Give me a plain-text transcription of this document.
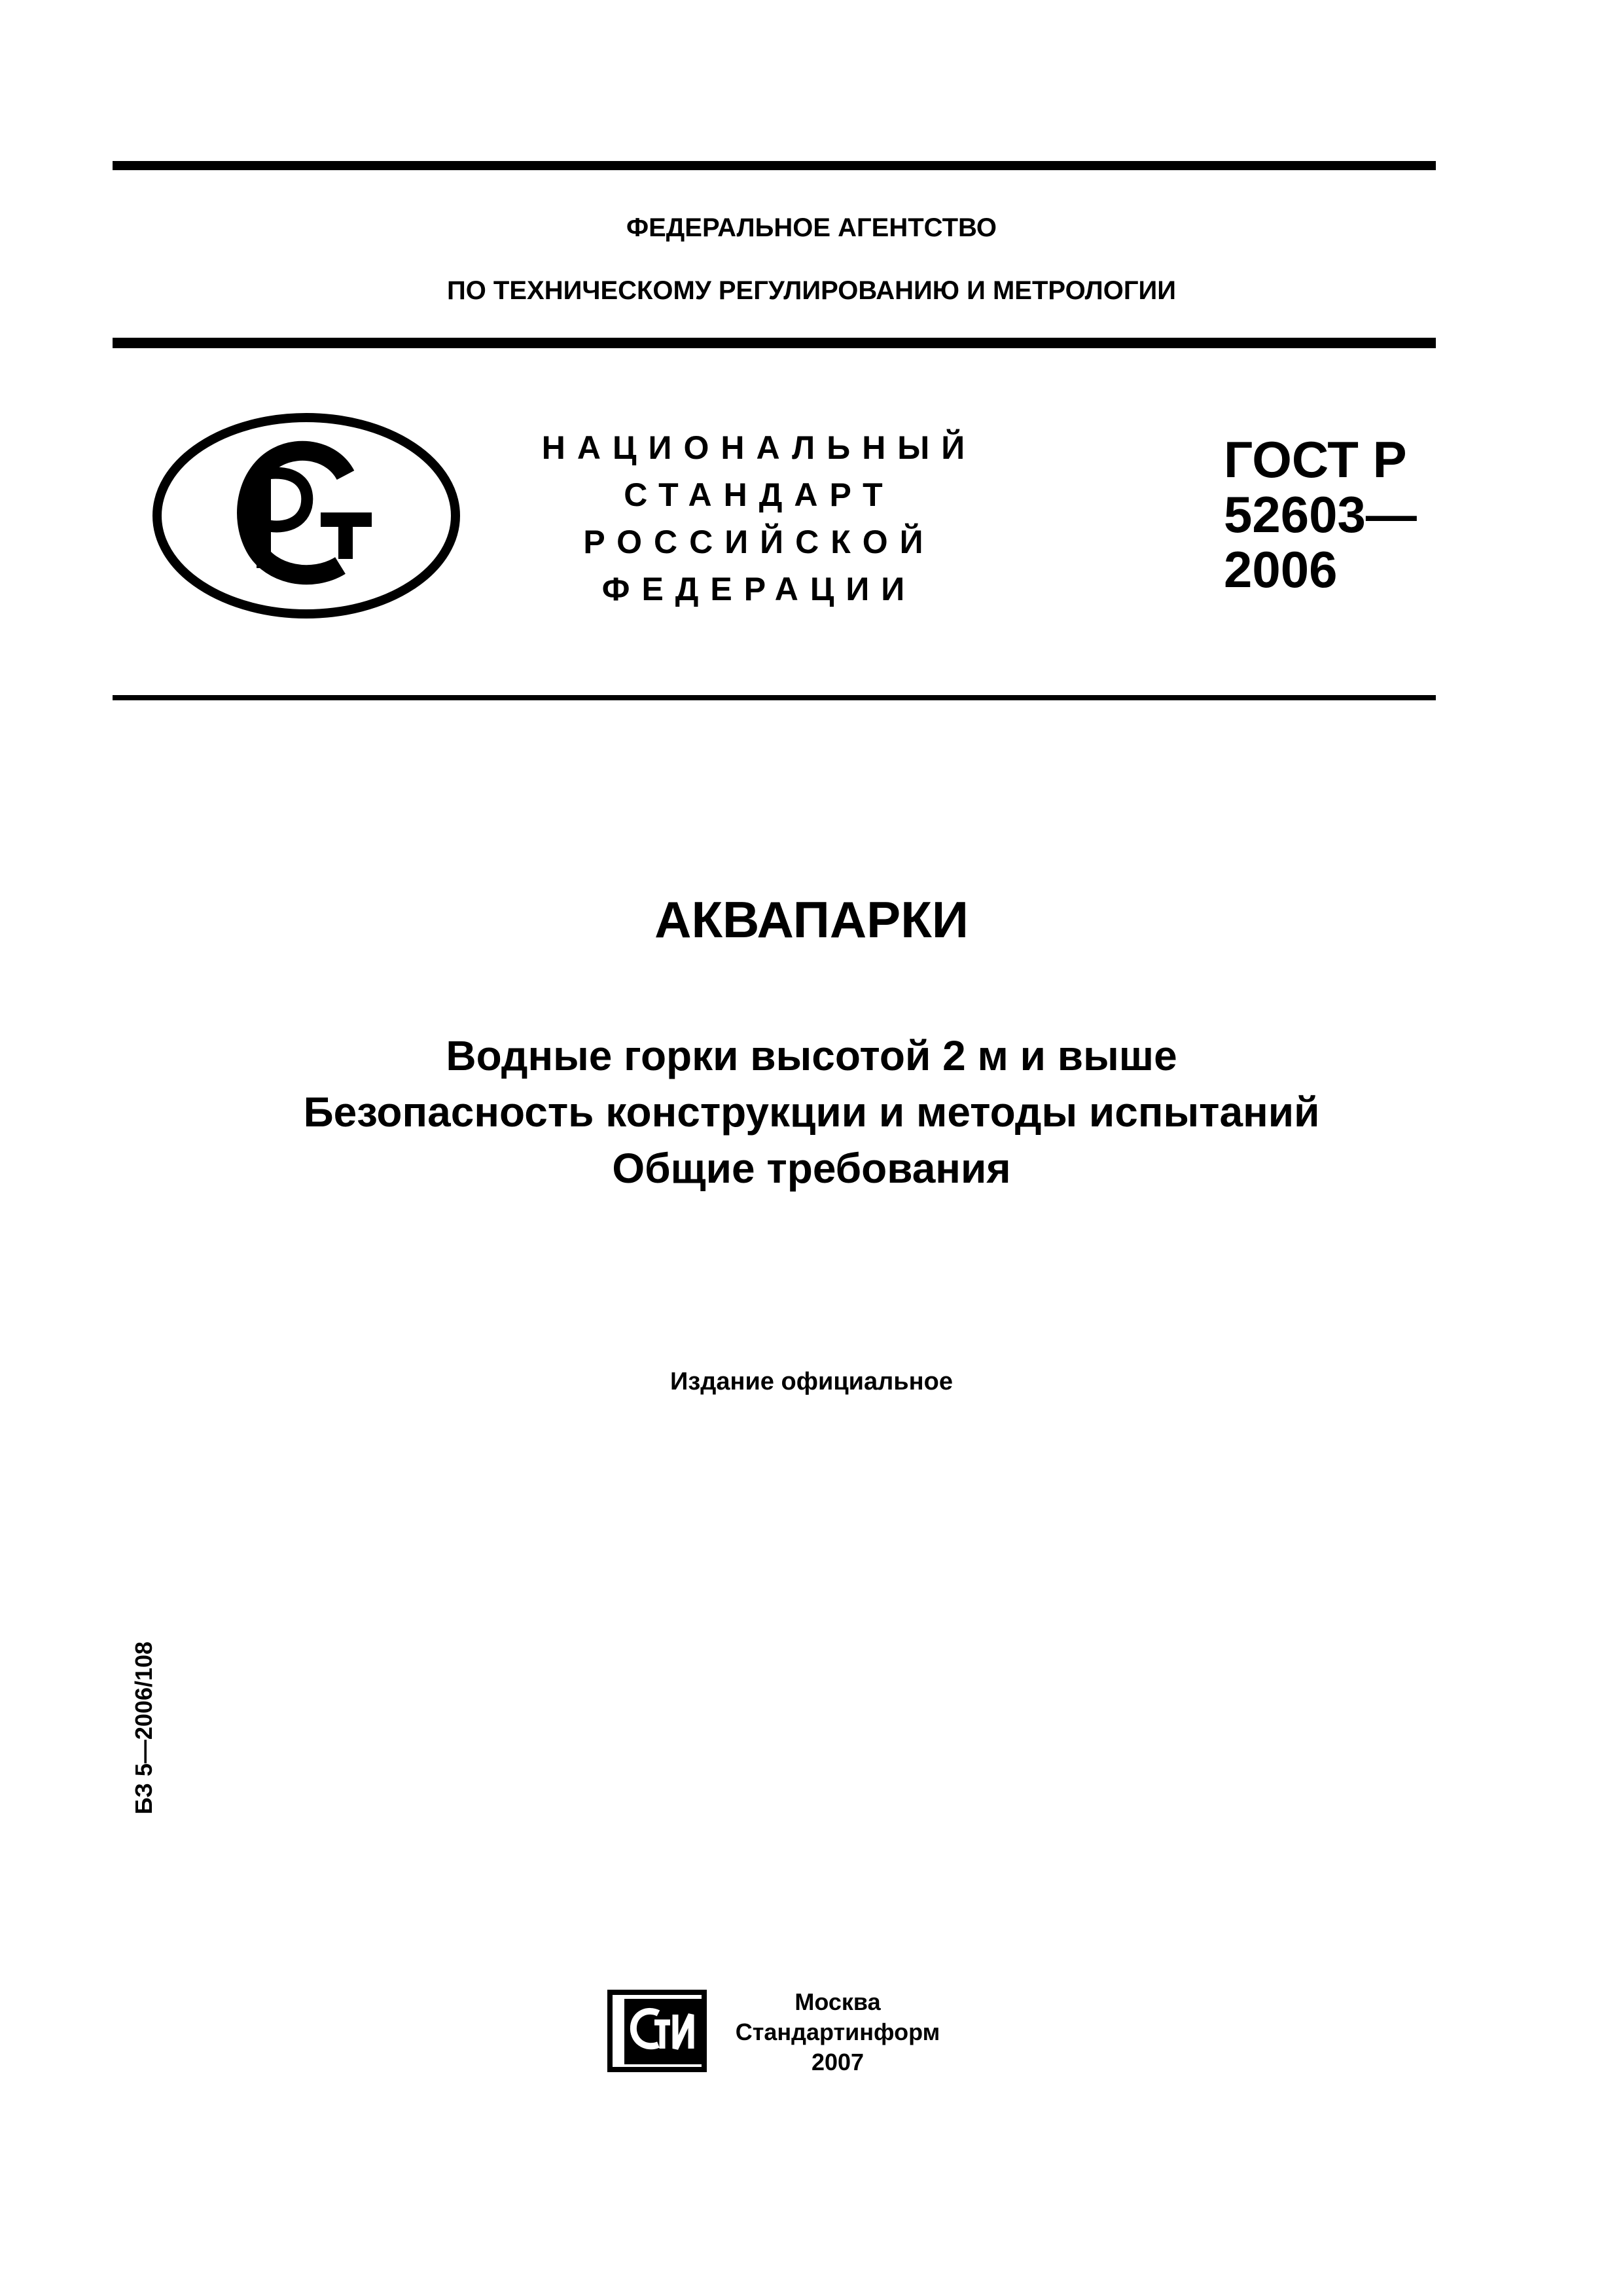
ФЕДЕРАЛЬНОЕ АГЕНТСТВО
ПО ТЕХНИЧЕСКОМУ РЕГУЛИРОВАНИЮ И МЕТРОЛОГИИ
НАЦИОНАЛЬНЫЙ
СТАНДАРТ
РОССИЙСКОЙ
ФЕДЕРАЦИИ
ГОСТ Р
52603—
2006
АКВАПАРКИ
Водные горки высотой 2 м и выше
Безопасность конструкции и методы испытаний
Общие требования
Издание официальное
БЗ 5—2006/108
Москва
Стандартинформ
2007
